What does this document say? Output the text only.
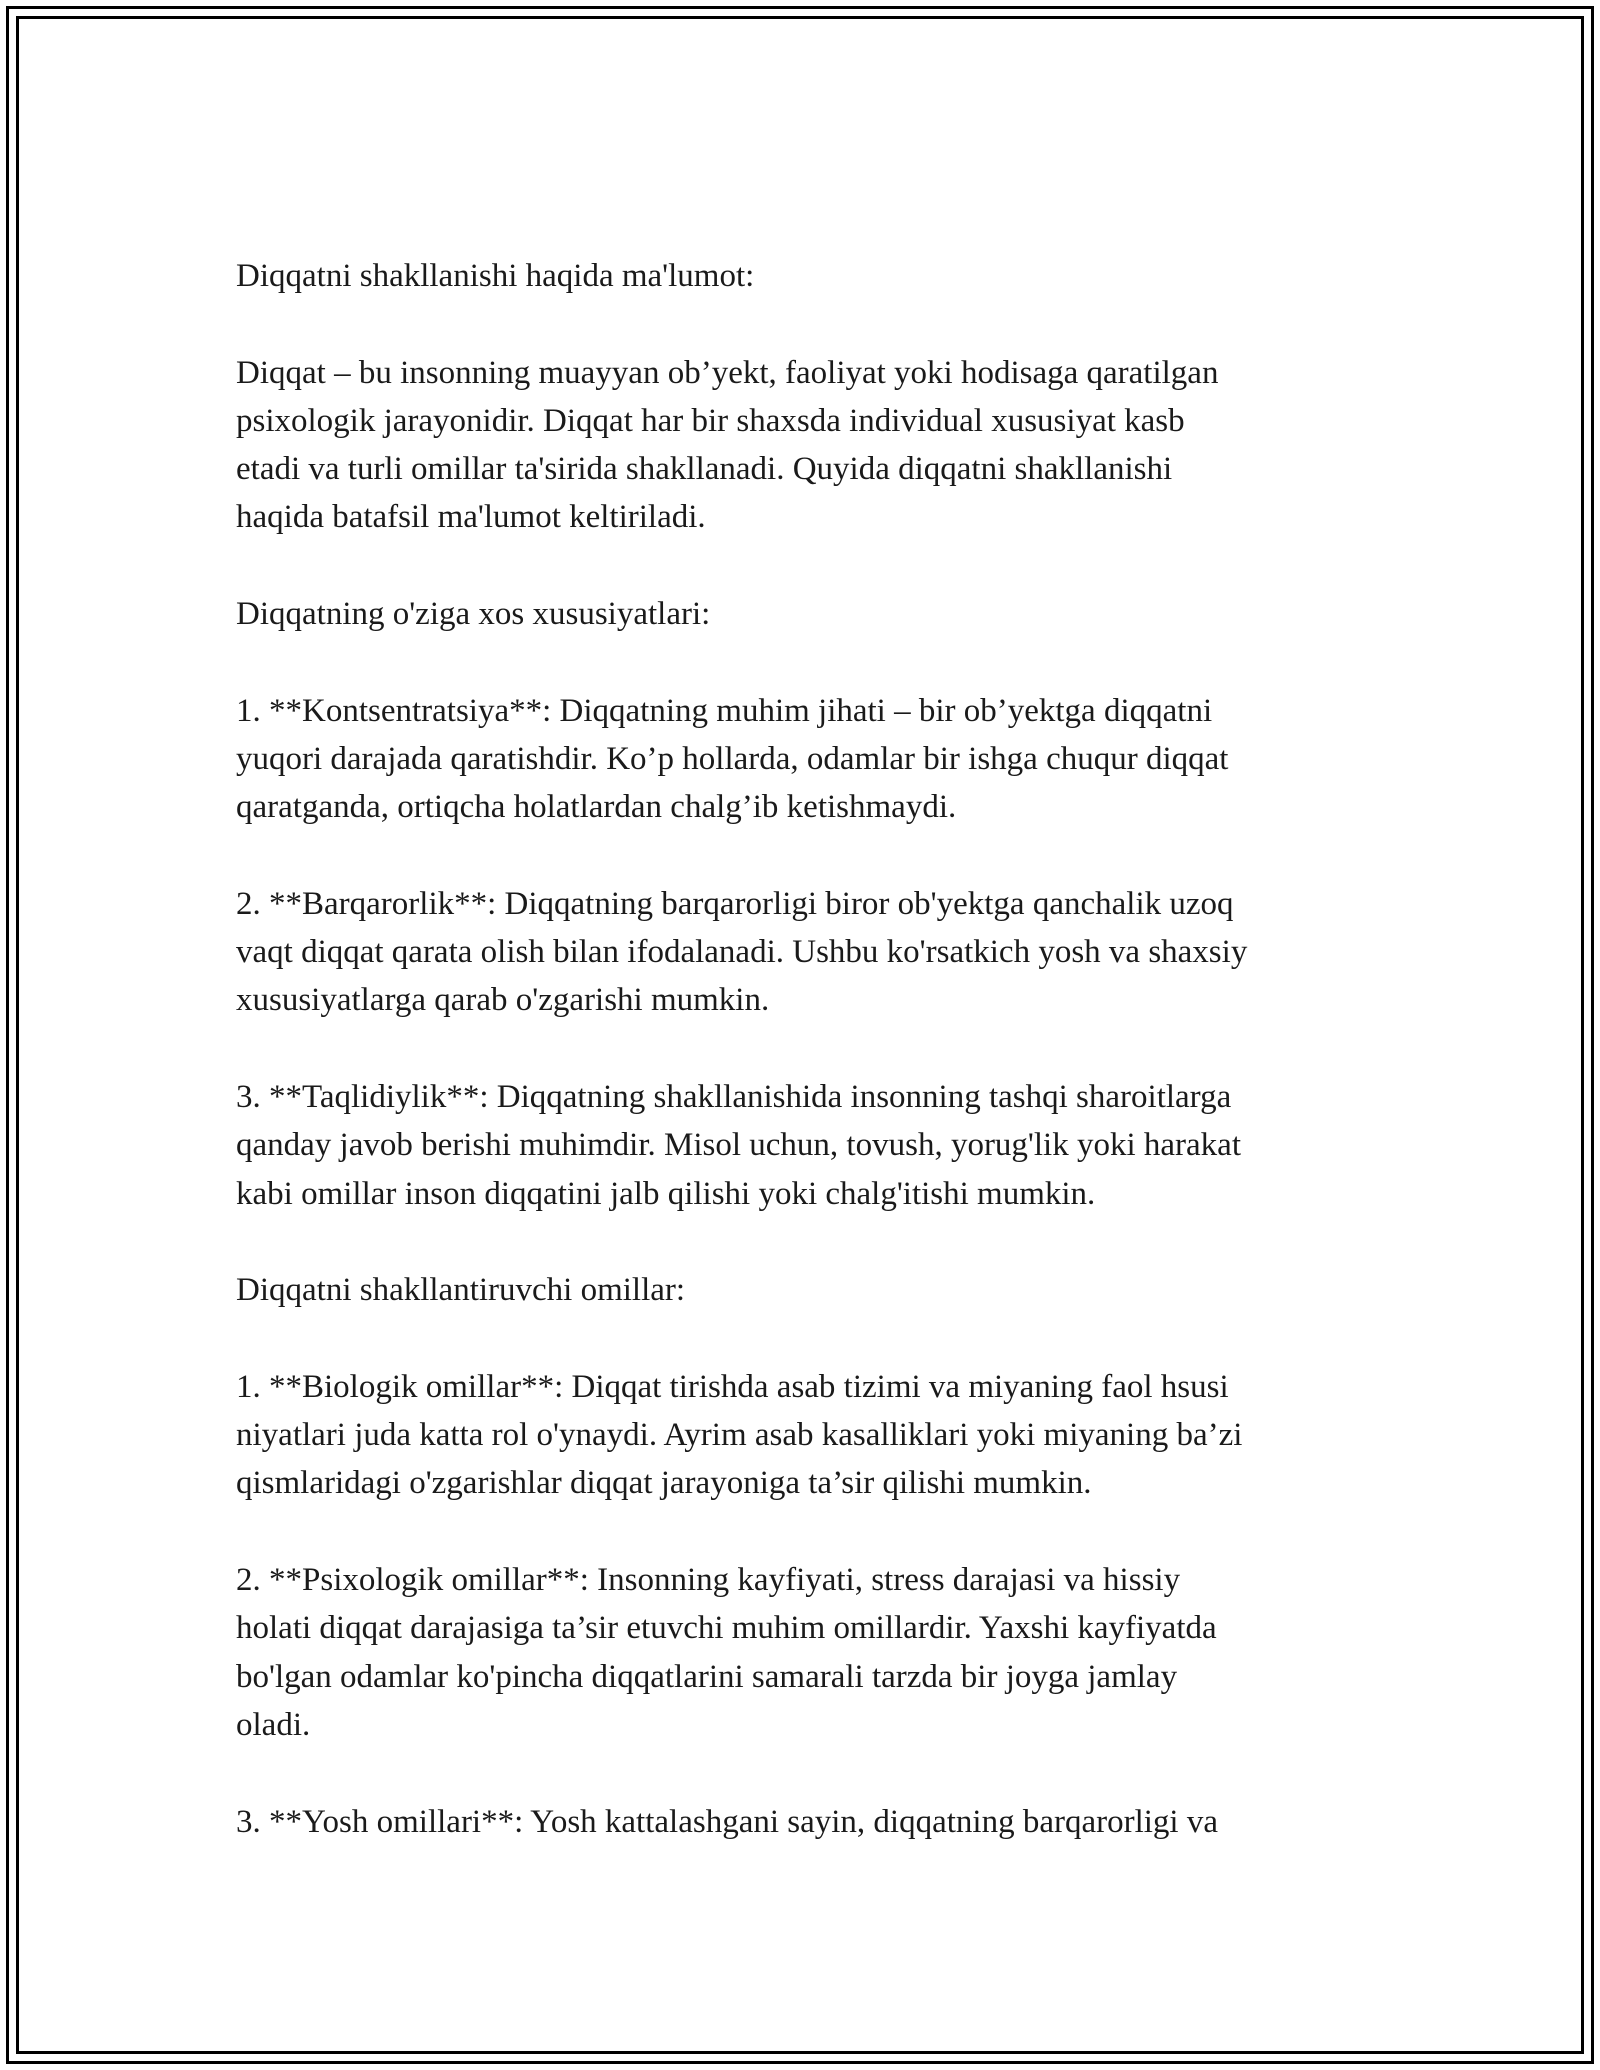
Diqqatni shakllanishi haqida ma'lumot:

Diqqat – bu insonning muayyan ob’yekt, faoliyat yoki hodisaga qaratilgan
psixologik jarayonidir. Diqqat har bir shaxsda individual xususiyat kasb
etadi va turli omillar ta'sirida shakllanadi. Quyida diqqatni shakllanishi
haqida batafsil ma'lumot keltiriladi.

Diqqatning o'ziga xos xususiyatlari:

1. **Kontsentratsiya**: Diqqatning muhim jihati – bir ob’yektga diqqatni
yuqori darajada qaratishdir. Ko’p hollarda, odamlar bir ishga chuqur diqqat
qaratganda, ortiqcha holatlardan chalg’ib ketishmaydi.

2. **Barqarorlik**: Diqqatning barqarorligi biror ob'yektga qanchalik uzoq
vaqt diqqat qarata olish bilan ifodalanadi. Ushbu ko'rsatkich yosh va shaxsiy
xususiyatlarga qarab o'zgarishi mumkin.

3. **Taqlidiylik**: Diqqatning shakllanishida insonning tashqi sharoitlarga
qanday javob berishi muhimdir. Misol uchun, tovush, yorug'lik yoki harakat
kabi omillar inson diqqatini jalb qilishi yoki chalg'itishi mumkin.

Diqqatni shakllantiruvchi omillar:

1. **Biologik omillar**: Diqqat tirishda asab tizimi va miyaning faol hsusi
niyatlari juda katta rol o'ynaydi. Ayrim asab kasalliklari yoki miyaning ba’zi
qismlaridagi o'zgarishlar diqqat jarayoniga ta’sir qilishi mumkin.

2. **Psixologik omillar**: Insonning kayfiyati, stress darajasi va hissiy
holati diqqat darajasiga ta’sir etuvchi muhim omillardir. Yaxshi kayfiyatda
bo'lgan odamlar ko'pincha diqqatlarini samarali tarzda bir joyga jamlay
oladi.

3. **Yosh omillari**: Yosh kattalashgani sayin, diqqatning barqarorligi va
